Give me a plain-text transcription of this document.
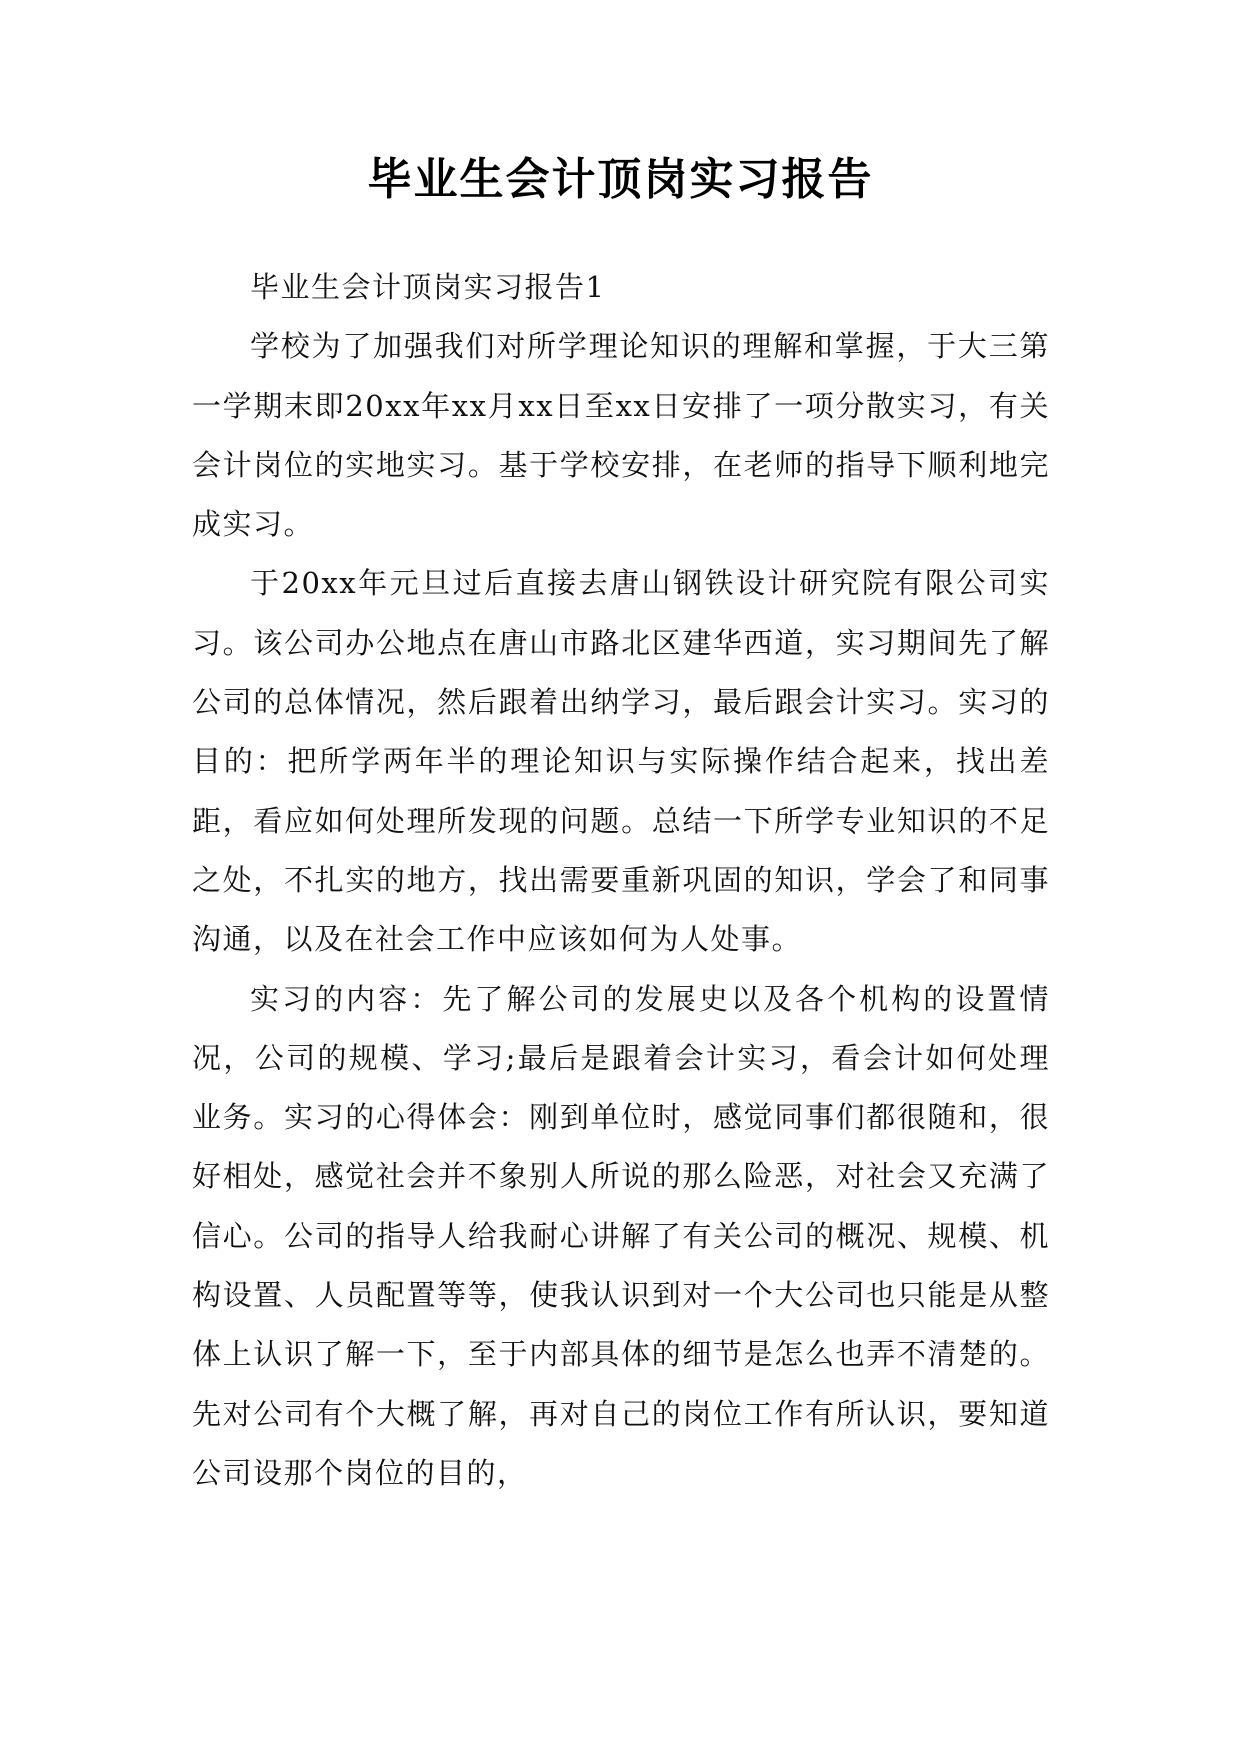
毕业生会计顶岗实习报告

毕业生会计顶岗实习报告1

学校为了加强我们对所学理论知识的理解和掌握，于大三第一学期末即20xx年xx月xx日至xx日安排了一项分散实习，有关会计岗位的实地实习。基于学校安排，在老师的指导下顺利地完成实习。

于20xx年元旦过后直接去唐山钢铁设计研究院有限公司实习。该公司办公地点在唐山市路北区建华西道，实习期间先了解公司的总体情况，然后跟着出纳学习，最后跟会计实习。实习的目的：把所学两年半的理论知识与实际操作结合起来，找出差距，看应如何处理所发现的问题。总结一下所学专业知识的不足之处，不扎实的地方，找出需要重新巩固的知识，学会了和同事沟通，以及在社会工作中应该如何为人处事。

实习的内容：先了解公司的发展史以及各个机构的设置情况，公司的规模、学习;最后是跟着会计实习，看会计如何处理业务。实习的心得体会：刚到单位时，感觉同事们都很随和，很好相处，感觉社会并不象别人所说的那么险恶，对社会又充满了信心。公司的指导人给我耐心讲解了有关公司的概况、规模、机构设置、人员配置等等，使我认识到对一个大公司也只能是从整体上认识了解一下，至于内部具体的细节是怎么也弄不清楚的。先对公司有个大概了解，再对自己的岗位工作有所认识，要知道公司设那个岗位的目的，
